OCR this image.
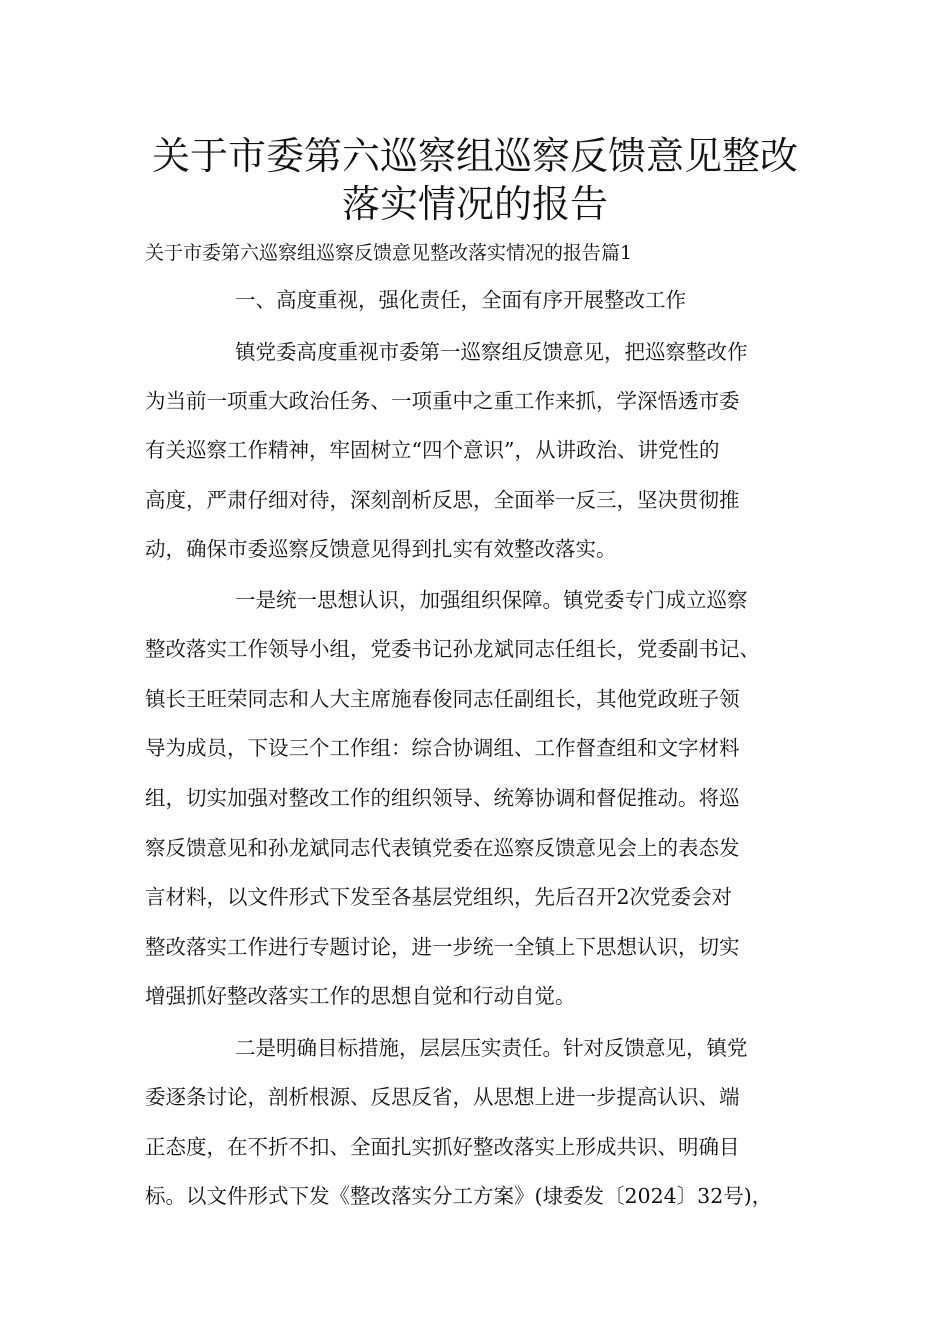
关于市委第六巡察组巡察反馈意见整改
落实情况的报告
关于市委第六巡察组巡察反馈意见整改落实情况的报告篇1
一、高度重视，强化责任，全面有序开展整改工作
镇党委高度重视市委第一巡察组反馈意见，把巡察整改作
为当前一项重大政治任务、一项重中之重工作来抓，学深悟透市委
有关巡察工作精神，牢固树立“四个意识”，从讲政治、讲党性的
高度，严肃仔细对待，深刻剖析反思，全面举一反三，坚决贯彻推
动，确保市委巡察反馈意见得到扎实有效整改落实。
一是统一思想认识，加强组织保障。镇党委专门成立巡察
整改落实工作领导小组，党委书记孙龙斌同志任组长，党委副书记、
镇长王旺荣同志和人大主席施春俊同志任副组长，其他党政班子领
导为成员，下设三个工作组：综合协调组、工作督查组和文字材料
组，切实加强对整改工作的组织领导、统筹协调和督促推动。将巡
察反馈意见和孙龙斌同志代表镇党委在巡察反馈意见会上的表态发
言材料，以文件形式下发至各基层党组织，先后召开2次党委会对
整改落实工作进行专题讨论，进一步统一全镇上下思想认识，切实
增强抓好整改落实工作的思想自觉和行动自觉。
二是明确目标措施，层层压实责任。针对反馈意见，镇党
委逐条讨论，剖析根源、反思反省，从思想上进一步提高认识、端
正态度，在不折不扣、全面扎实抓好整改落实上形成共识、明确目
标。以文件形式下发《整改落实分工方案》(埭委发〔2024〕32号)，
